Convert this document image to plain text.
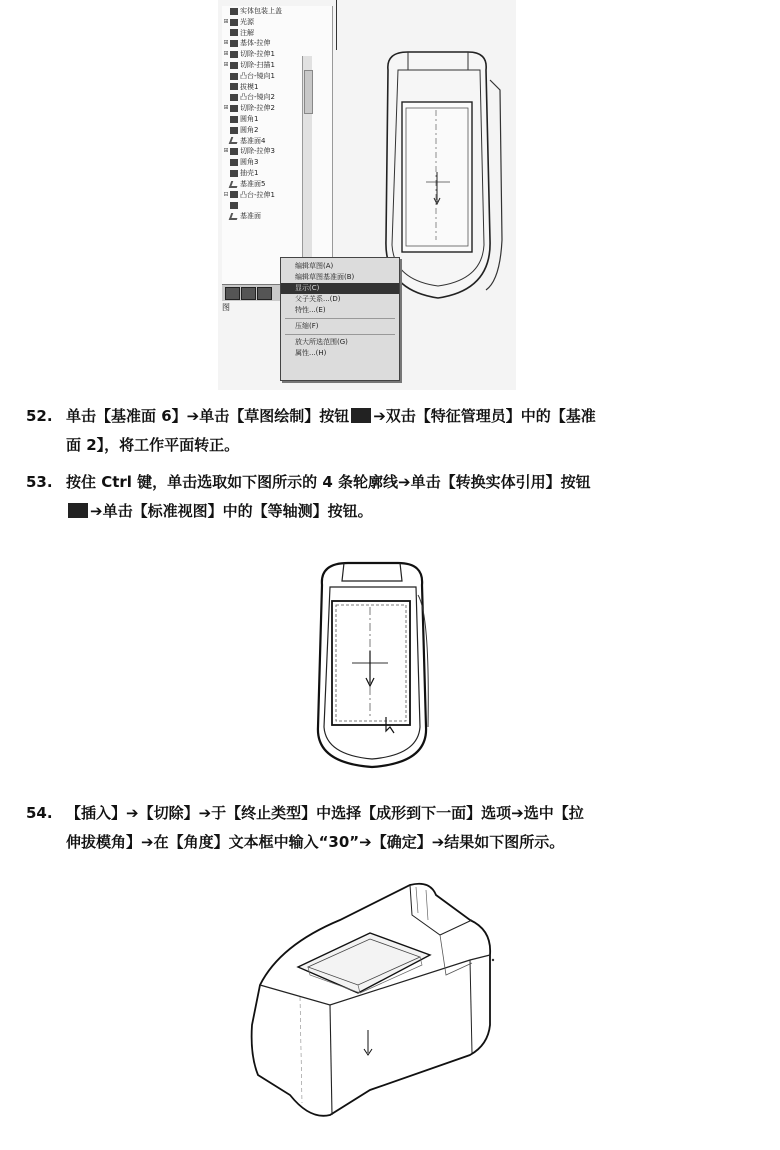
实体包装上盖
⊞ 光源
注解
⊞ 基体-拉伸
⊞ 切除-拉伸1
⊞ 切除-扫描1
凸台-镜向1
拔模1
凸台-镜向2
⊞ 切除-拉伸2
圆角1
圆角2
基准面4
⊞ 切除-拉伸3
圆角3
抽壳1
基准面5
⊟ 凸台-拉伸1
基准面
图
编辑草图(A)
编辑草图基准面(B)
显示(C)
父子关系...(D)
特性...(E)
压缩(F)
放大所选范围(G)
属性...(H)
52. 单击【基准面 6】➔单击【草图绘制】按钮 ➔双击【特征管理员】中的【基准
面 2】，将工作平面转正。
53. 按住 Ctrl 键，单击选取如下图所示的 4 条轮廓线➔单击【转换实体引用】按钮
➔单击【标准视图】中的【等轴测】按钮。
54. 【插入】➔【切除】➔于【终止类型】中选择【成形到下一面】选项➔选中【拉
伸拔模角】➔在【角度】文本框中输入“30”➔【确定】➔结果如下图所示。
